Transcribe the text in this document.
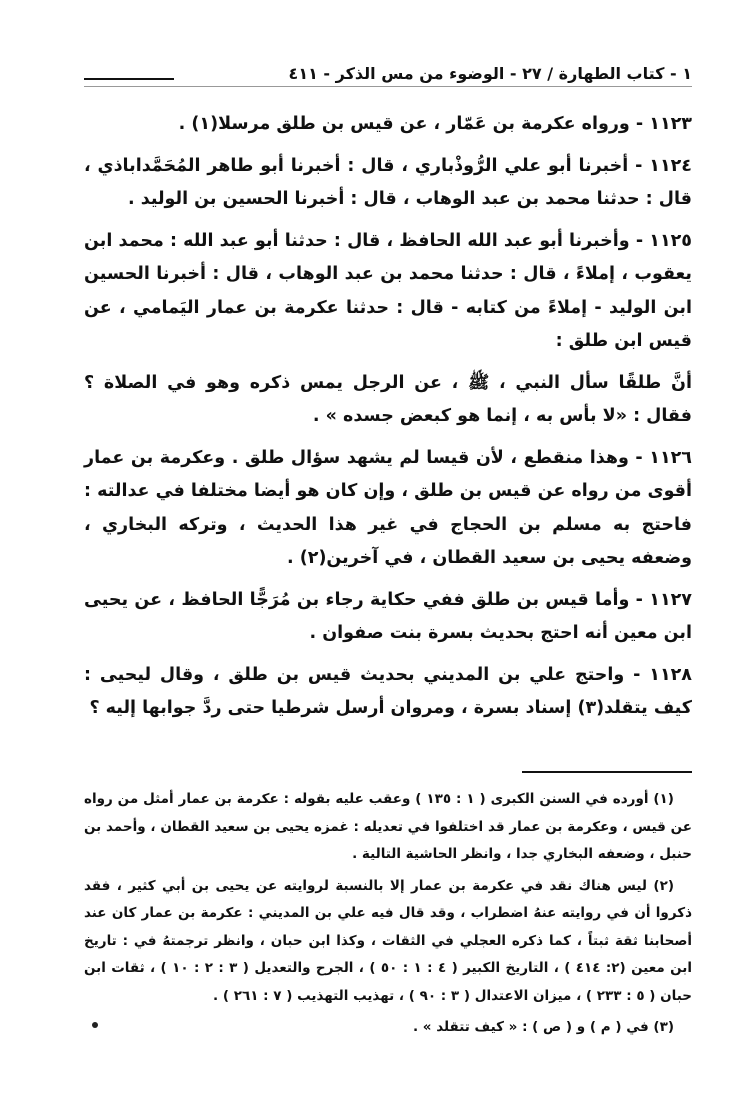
١ - كتاب الطهارة / ٢٧ - الوضوء من مس الذكر - ٤١١

١١٢٣ - ورواه عكرمة بن عَمّار ، عن قيس بن طلق مرسلا(١) .

١١٢٤ - أخبرنا أبو علي الرُّوذْباري ، قال : أخبرنا أبو طاهر المُحَمَّداباذي ، قال : حدثنا محمد بن عبد الوهاب ، قال : أخبرنا الحسين بن الوليد .

١١٢٥ - وأخبرنا أبو عبد الله الحافظ ، قال : حدثنا أبو عبد الله : محمد ابن يعقوب ، إملاءً ، قال : حدثنا محمد بن عبد الوهاب ، قال : أخبرنا الحسين ابن الوليد - إملاءً من كتابه - قال : حدثنا عكرمة بن عمار اليَمامي ، عن قيس ابن طلق :

أنَّ طلقًا سأل النبي ، ﷺ ، عن الرجل يمس ذكره وهو في الصلاة ؟ فقال : «لا بأس به ، إنما هو كبعض جسده » .

١١٢٦ - وهذا منقطع ، لأن قيسا لم يشهد سؤال طلق . وعكرمة بن عمار أقوى من رواه عن قيس بن طلق ، وإن كان هو أيضا مختلفا في عدالته : فاحتج به مسلم بن الحجاج في غير هذا الحديث ، وتركه البخاري ، وضعفه يحيى بن سعيد القطان ، في آخرين(٢) .

١١٢٧ - وأما قيس بن طلق ففي حكاية رجاء بن مُرَجًّا الحافظ ، عن يحيى ابن معين أنه احتج بحديث بسرة بنت صفوان .

١١٢٨ - واحتج علي بن المديني بحديث قيس بن طلق ، وقال ليحيى : كيف يتقلد(٣) إسناد بسرة ، ومروان أرسل شرطيا حتى ردَّ جوابها إليه ؟

(١) أورده في السنن الكبرى ( ١ : ١٣٥ ) وعقب عليه بقوله : عكرمة بن عمار أمثل من رواه عن قيس ، وعكرمة بن عمار قد اختلفوا في تعديله : غمزه يحيى بن سعيد القطان ، وأحمد بن حنبل ، وضعفه البخاري جدا ، وانظر الحاشية التالية .

(٢) ليس هناك نقد في عكرمة بن عمار إلا بالنسبة لروايته عن يحيى بن أبي كثير ، فقد ذكروا أن في روايته عنهُ اضطراب ، وقد قال فيه علي بن المديني : عكرمة بن عمار كان عند أصحابنا ثقة ثبتاً ، كما ذكره العجلي في الثقات ، وكذا ابن حبان ، وانظر ترجمتهُ في : تاريخ ابن معين (٢: ٤١٤ ) ، التاريخ الكبير ( ٤ : ١ : ٥٠ ) ، الجرح والتعديل ( ٣ : ٢ : ١٠ ) ، ثقات ابن حبان ( ٥ : ٢٣٣ ) ، ميزان الاعتدال ( ٣ : ٩٠ ) ، تهذيب التهذيب ( ٧ : ٢٦١ ) .

(٣) في ( م ) و ( ص ) : « كيف تتقلد » .
